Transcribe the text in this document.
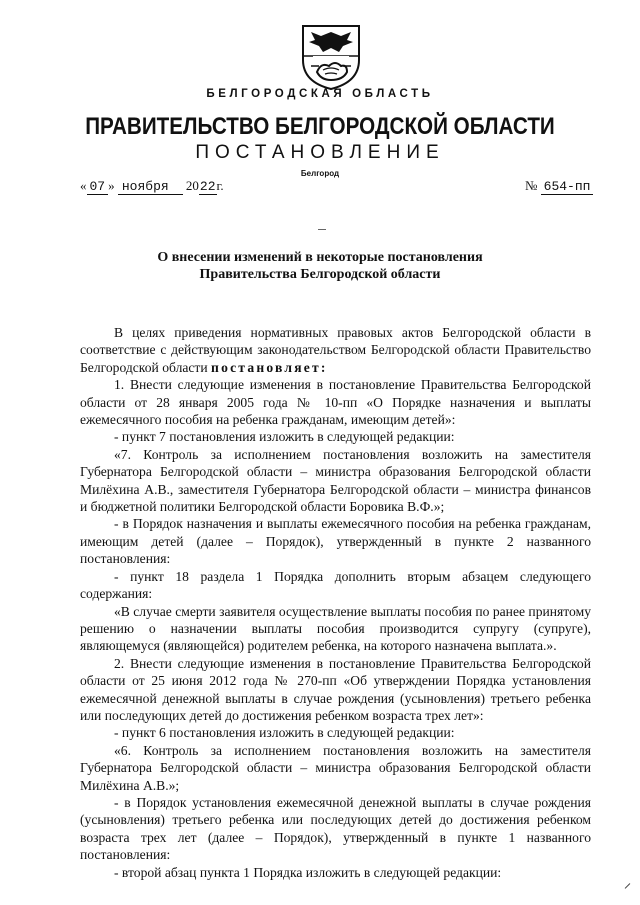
БЕЛГОРОДСКАЯ ОБЛАСТЬ
ПРАВИТЕЛЬСТВО БЕЛГОРОДСКОЙ ОБЛАСТИ
ПОСТАНОВЛЕНИЕ
Белгород
« 07 » ноября 2022г.	№ 654-пп
О внесении изменений в некоторые постановления
Правительства Белгородской области

В целях приведения нормативных правовых актов Белгородской области в соответствие с действующим законодательством Белгородской области Правительство Белгородской области постановляет:

1. Внести следующие изменения в постановление Правительства Белгородской области от 28 января 2005 года № 10-пп «О Порядке назначения и выплаты ежемесячного пособия на ребенка гражданам, имеющим детей»:

- пункт 7 постановления изложить в следующей редакции:

«7. Контроль за исполнением постановления возложить на заместителя Губернатора Белгородской области – министра образования Белгородской области Милёхина А.В., заместителя Губернатора Белгородской области – министра финансов и бюджетной политики Белгородской области Боровика В.Ф.»;

- в Порядок назначения и выплаты ежемесячного пособия на ребенка гражданам, имеющим детей (далее – Порядок), утвержденный в пункте 2 названного постановления:

- пункт 18 раздела 1 Порядка дополнить вторым абзацем следующего содержания:

«В случае смерти заявителя осуществление выплаты пособия по ранее принятому решению о назначении выплаты пособия производится супругу (супруге), являющемуся (являющейся) родителем ребенка, на которого назначена выплата.».

2. Внести следующие изменения в постановление Правительства Белгородской области от 25 июня 2012 года № 270-пп «Об утверждении Порядка установления ежемесячной денежной выплаты в случае рождения (усыновления) третьего ребенка или последующих детей до достижения ребенком возраста трех лет»:

- пункт 6 постановления изложить в следующей редакции:

«6. Контроль за исполнением постановления возложить на заместителя Губернатора Белгородской области – министра образования Белгородской области Милёхина А.В.»;

- в Порядок установления ежемесячной денежной выплаты в случае рождения (усыновления) третьего ребенка или последующих детей до достижения ребенком возраста трех лет (далее – Порядок), утвержденный в пункте 1 названного постановления:

- второй абзац пункта 1 Порядка изложить в следующей редакции:
